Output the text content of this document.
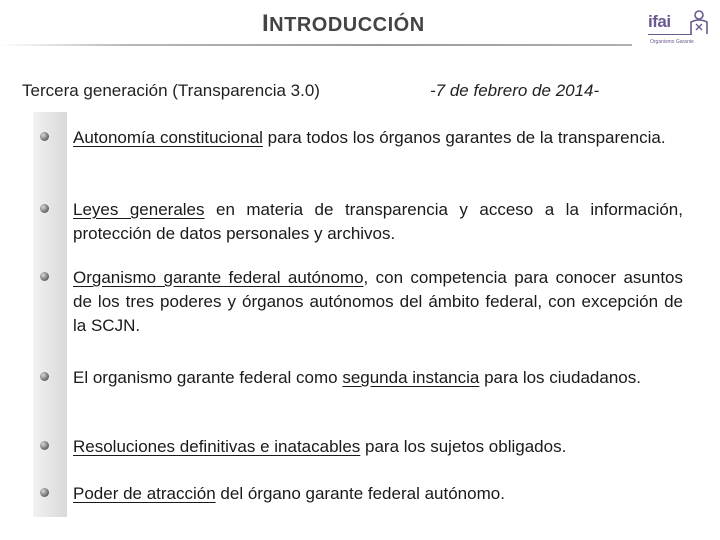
INTRODUCCIÓN	ifai
Organismo Garante
Tercera generación (Transparencia 3.0)	-7 de febrero de 2014-
Autonomía constitucional para todos los órganos garantes de la transparencia.
Leyes generales en materia de transparencia y acceso a la información, protección de datos personales y archivos.
Organismo garante federal autónomo, con competencia para conocer asuntos de los tres poderes y órganos autónomos del ámbito federal, con excepción de la SCJN.
El organismo garante federal como segunda instancia para los ciudadanos.
Resoluciones definitivas e inatacables para los sujetos obligados.
Poder de atracción del órgano garante federal autónomo.
